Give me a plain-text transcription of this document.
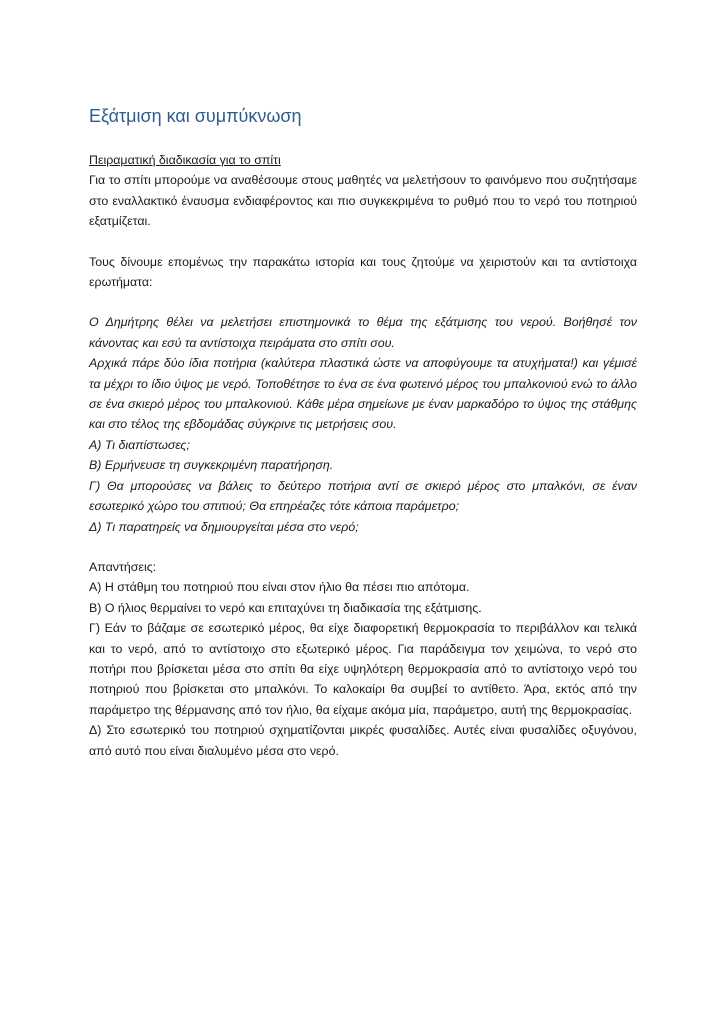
Εξάτμιση και συμπύκνωση

Πειραματική διαδικασία για το σπίτι

Για το σπίτι μπορούμε να αναθέσουμε στους μαθητές να μελετήσουν το φαινόμενο που συζητήσαμε στο εναλλακτικό έναυσμα ενδιαφέροντος και πιο συγκεκριμένα το ρυθμό που το νερό του ποτηριού εξατμίζεται.

Τους δίνουμε επομένως την παρακάτω ιστορία και τους ζητούμε να χειριστούν και τα αντίστοιχα ερωτήματα:

Ο Δημήτρης θέλει να μελετήσει επιστημονικά το θέμα της εξάτμισης του νερού. Βοήθησέ τον κάνοντας και εσύ τα αντίστοιχα πειράματα στο σπίτι σου.

Αρχικά πάρε δύο ίδια ποτήρια (καλύτερα πλαστικά ώστε να αποφύγουμε τα ατυχήματα!) και γέμισέ τα μέχρι το ίδιο ύψος με νερό. Τοποθέτησε το ένα σε ένα φωτεινό μέρος του μπαλκονιού ενώ το άλλο σε ένα σκιερό μέρος του μπαλκονιού. Κάθε μέρα σημείωνε με έναν μαρκαδόρο το ύψος της στάθμης και στο τέλος της εβδομάδας σύγκρινε τις μετρήσεις σου.

Α) Τι διαπίστωσες;

Β) Ερμήνευσε τη συγκεκριμένη παρατήρηση.

Γ) Θα μπορούσες να βάλεις το δεύτερο ποτήρια αντί σε σκιερό μέρος στο μπαλκόνι, σε έναν εσωτερικό χώρο του σπιτιού; Θα επηρέαζες τότε κάποια παράμετρο;

Δ) Τι παρατηρείς να δημιουργείται μέσα στο νερό;

Απαντήσεις:

Α) Η στάθμη του ποτηριού που είναι στον ήλιο θα πέσει πιο απότομα.

Β) Ο ήλιος θερμαίνει το νερό και επιταχύνει τη διαδικασία της εξάτμισης.

Γ) Εάν το βάζαμε σε εσωτερικό μέρος, θα είχε διαφορετική θερμοκρασία το περιβάλλον και τελικά και το νερό, από το αντίστοιχο στο εξωτερικό μέρος. Για παράδειγμα τον χειμώνα, το νερό στο ποτήρι που βρίσκεται μέσα στο σπίτι θα είχε υψηλότερη θερμοκρασία από το αντίστοιχο νερό του ποτηριού που βρίσκεται στο μπαλκόνι. Το καλοκαίρι θα συμβεί το αντίθετο. Άρα, εκτός από την παράμετρο της θέρμανσης από τον ήλιο, θα είχαμε ακόμα μία, παράμετρο, αυτή της θερμοκρασίας.

Δ) Στο εσωτερικό του ποτηριού σχηματίζονται μικρές φυσαλίδες. Αυτές είναι φυσαλίδες οξυγόνου, από αυτό που είναι διαλυμένο μέσα στο νερό.
